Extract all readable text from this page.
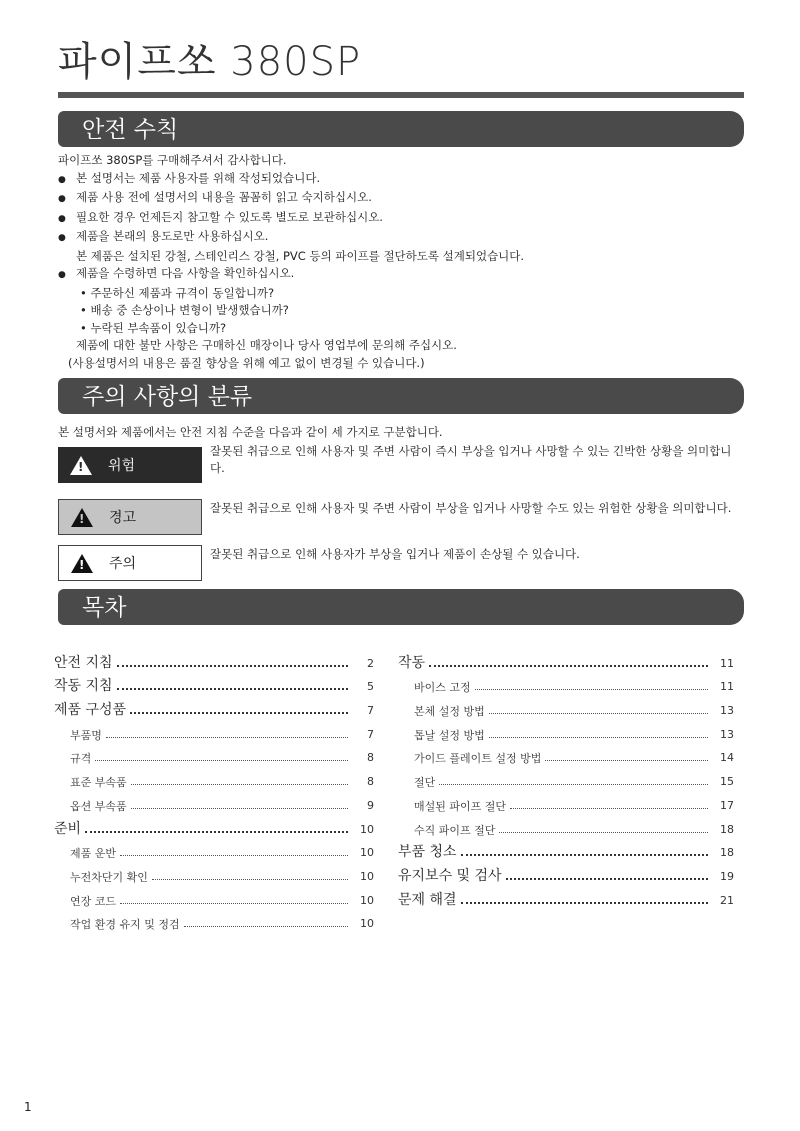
파이프쏘 380SP
안전 수칙

파이프쏘 380SP를 구매해주셔서 감사합니다.

● 본 설명서는 제품 사용자를 위해 작성되었습니다.

● 제품 사용 전에 설명서의 내용을 꼼꼼히 읽고 숙지하십시오.

● 필요한 경우 언제든지 참고할 수 있도록 별도로 보관하십시오.

● 제품을 본래의 용도로만 사용하십시오.

본 제품은 설치된 강철, 스테인리스 강철, PVC 등의 파이프를 절단하도록 설계되었습니다.

● 제품을 수령하면 다음 사항을 확인하십시오.

• 주문하신 제품과 규격이 동일합니까?

• 배송 중 손상이나 변형이 발생했습니까?

• 누락된 부속품이 있습니까?

제품에 대한 불만 사항은 구매하신 매장이나 당사 영업부에 문의해 주십시오.

(사용설명서의 내용은 품질 향상을 위해 예고 없이 변경될 수 있습니다.)

주의 사항의 분류
본 설명서와 제품에서는 안전 지침 수준을 다음과 같이 세 가지로 구분합니다.
! 위험
잘못된 취급으로 인해 사용자 및 주변 사람이 즉시 부상을 입거나 사망할 수 있는 긴박한 상황을 의미합니다.
! 경고
잘못된 취급으로 인해 사용자 및 주변 사람이 부상을 입거나 사망할 수도 있는 위험한 상황을 의미합니다.
! 주의
잘못된 취급으로 인해 사용자가 부상을 입거나 제품이 손상될 수 있습니다.
목차
안전 지침	2
작동 지침	5
제품 구성품	7
부품명	7
규격	8
표준 부속품	8
옵션 부속품	9
준비	10
제품 운반	10
누전차단기 확인	10
연장 코드	10
작업 환경 유지 및 정검	10
작동	11
바이스 고정	11
본체 설정 방법	13
톱날 설정 방법	13
가이드 플레이트 설정 방법	14
절단	15
매설된 파이프 절단	17
수직 파이프 절단	18
부품 청소	18
유지보수 및 검사	19
문제 해결	21
1
